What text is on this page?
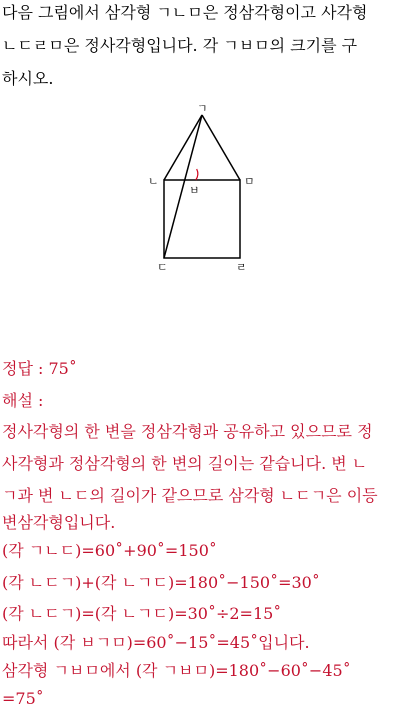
다음 그림에서 삼각형 ㄱㄴㅁ은 정삼각형이고 사각형
ㄴㄷㄹㅁ은 정사각형입니다. 각 ㄱㅂㅁ의 크기를 구
하시오.
ㄱ
ㄴ	ㅁ
ㅂ
ㄷ	ㄹ
정답 : 75˚
해설 :
정사각형의 한 변을 정삼각형과 공유하고 있으므로 정
사각형과 정삼각형의 한 변의 길이는 같습니다. 변 ㄴ
ㄱ과 변 ㄴㄷ의 길이가 같으므로 삼각형 ㄴㄷㄱ은 이등
변삼각형입니다.
(각 ㄱㄴㄷ)=60˚+90˚=150˚
(각 ㄴㄷㄱ)+(각 ㄴㄱㄷ)=180˚−150˚=30˚
(각 ㄴㄷㄱ)=(각 ㄴㄱㄷ)=30˚÷2=15˚
따라서 (각 ㅂㄱㅁ)=60˚−15˚=45˚입니다.
삼각형 ㄱㅂㅁ에서 (각 ㄱㅂㅁ)=180˚−60˚−45˚
=75˚
